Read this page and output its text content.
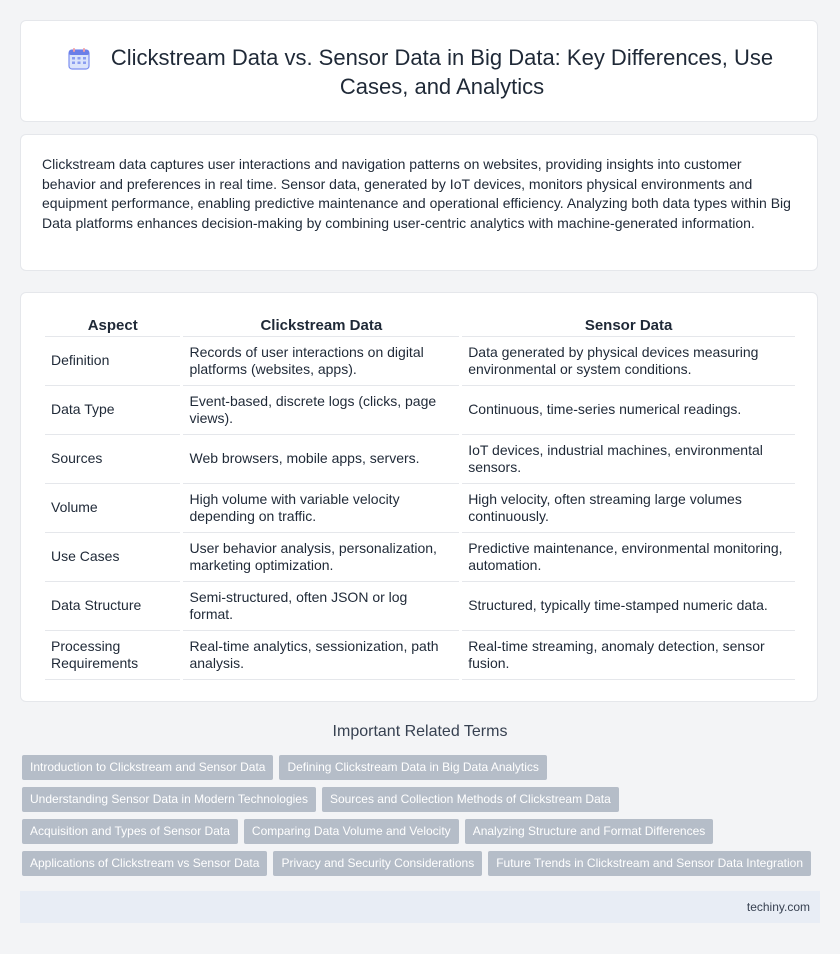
Clickstream Data vs. Sensor Data in Big Data: Key Differences, Use Cases, and Analytics
Clickstream data captures user interactions and navigation patterns on websites, providing insights into customer behavior and preferences in real time. Sensor data, generated by IoT devices, monitors physical environments and equipment performance, enabling predictive maintenance and operational efficiency. Analyzing both data types within Big Data platforms enhances decision-making by combining user-centric analytics with machine-generated information.
Aspect	Clickstream Data	Sensor Data
Definition	Records of user interactions on digital platforms (websites, apps).	Data generated by physical devices measuring environmental or system conditions.
Data Type	Event-based, discrete logs (clicks, page views).	Continuous, time-series numerical readings.
Sources	Web browsers, mobile apps, servers.	IoT devices, industrial machines, environmental sensors.
Volume	High volume with variable velocity depending on traffic.	High velocity, often streaming large volumes continuously.
Use Cases	User behavior analysis, personalization, marketing optimization.	Predictive maintenance, environmental monitoring, automation.
Data Structure	Semi-structured, often JSON or log format.	Structured, typically time-stamped numeric data.
Processing Requirements	Real-time analytics, sessionization, path analysis.	Real-time streaming, anomaly detection, sensor fusion.
Important Related Terms
Introduction to Clickstream and Sensor Data Defining Clickstream Data in Big Data Analytics
Understanding Sensor Data in Modern Technologies Sources and Collection Methods of Clickstream Data
Acquisition and Types of Sensor Data Comparing Data Volume and Velocity Analyzing Structure and Format Differences
Applications of Clickstream vs Sensor Data Privacy and Security Considerations Future Trends in Clickstream and Sensor Data Integration
techiny.com
